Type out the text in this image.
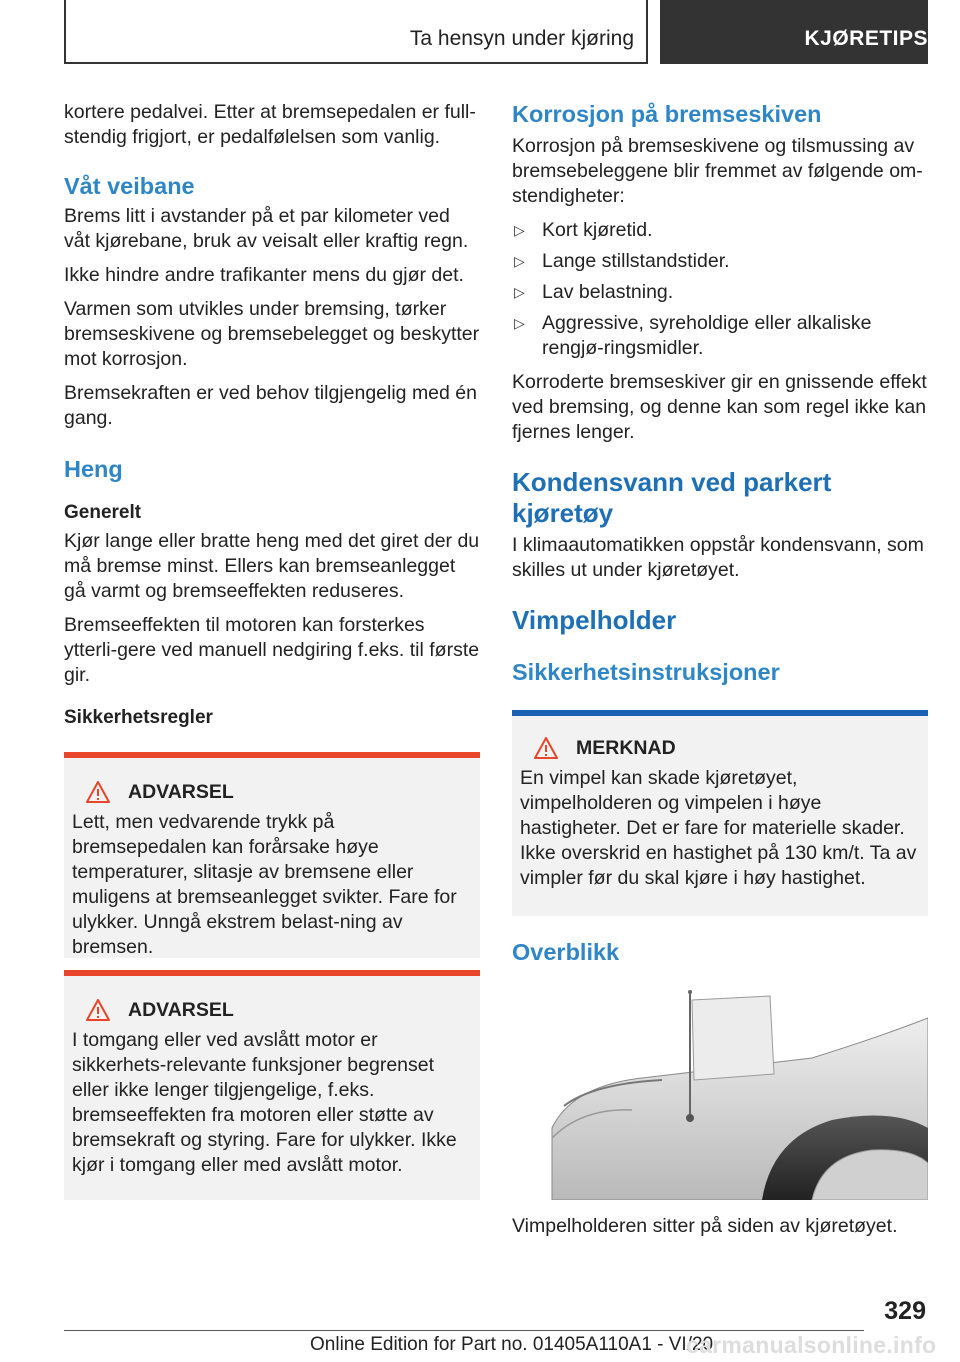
Ta hensyn under kjøring	KJØRETIPS

kortere pedalvei. Etter at bremsepedalen er full-stendig frigjort, er pedalfølelsen som vanlig.

Våt veibane

Brems litt i avstander på et par kilometer ved våt kjørebane, bruk av veisalt eller kraftig regn.

Ikke hindre andre trafikanter mens du gjør det.

Varmen som utvikles under bremsing, tørker bremseskivene og bremsebelegget og beskytter mot korrosjon.

Bremsekraften er ved behov tilgjengelig med én gang.

Heng
Generelt

Kjør lange eller bratte heng med det giret der du må bremse minst. Ellers kan bremseanlegget gå varmt og bremseeffekten reduseres.

Bremseeffekten til motoren kan forsterkes ytterli-gere ved manuell nedgiring f.eks. til første gir.

Sikkerhetsregler
ADVARSEL

Lett, men vedvarende trykk på bremsepedalen kan forårsake høye temperaturer, slitasje av bremsene eller muligens at bremseanlegget svikter. Fare for ulykker. Unngå ekstrem belast-ning av bremsen.

ADVARSEL

I tomgang eller ved avslått motor er sikkerhets-relevante funksjoner begrenset eller ikke lenger tilgjengelige, f.eks. bremseeffekten fra motoren eller støtte av bremsekraft og styring. Fare for ulykker. Ikke kjør i tomgang eller med avslått motor.

Korrosjon på bremseskiven

Korrosjon på bremseskivene og tilsmussing av bremsebeleggene blir fremmet av følgende om-stendigheter:

▷ Kort kjøretid.
▷ Lange stillstandstider.
▷ Lav belastning.
▷ Aggressive, syreholdige eller alkaliske rengjø-ringsmidler.

Korroderte bremseskiver gir en gnissende effekt ved bremsing, og denne kan som regel ikke kan fjernes lenger.

Kondensvann ved parkert kjøretøy

I klimaautomatikken oppstår kondensvann, som skilles ut under kjøretøyet.

Vimpelholder
Sikkerhetsinstruksjoner
MERKNAD

En vimpel kan skade kjøretøyet, vimpelholderen og vimpelen i høye hastigheter. Det er fare for materielle skader. Ikke overskrid en hastighet på 130 km/t. Ta av vimpler før du skal kjøre i høy hastighet.

Overblikk

Vimpelholderen sitter på siden av kjøretøyet.

329
Online Edition for Part no. 01405A110A1 - VI/20
carmanualsonline.info
